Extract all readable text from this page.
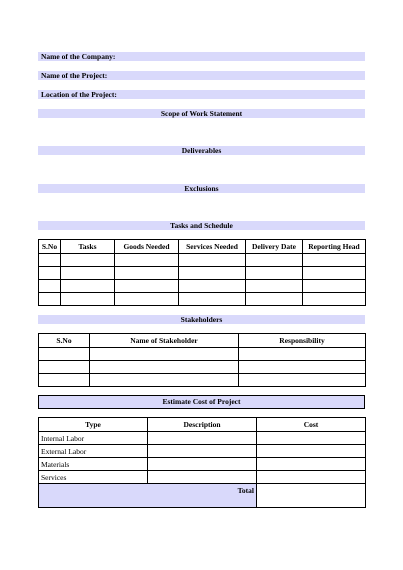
Name of the Company:
Name of the Project:
Location of the Project:
Scope of Work Statement
Deliverables
Exclusions
Tasks and Schedule
S.No	Tasks	Goods Needed	Services Needed	Delivery Date	Reporting Head

Stakeholders
S.No	Name of Stakeholder	Responsibility

Estimate Cost of Project
Type	Description	Cost
Internal Labor		
External Labor		
Materials		
Services		
Total		
